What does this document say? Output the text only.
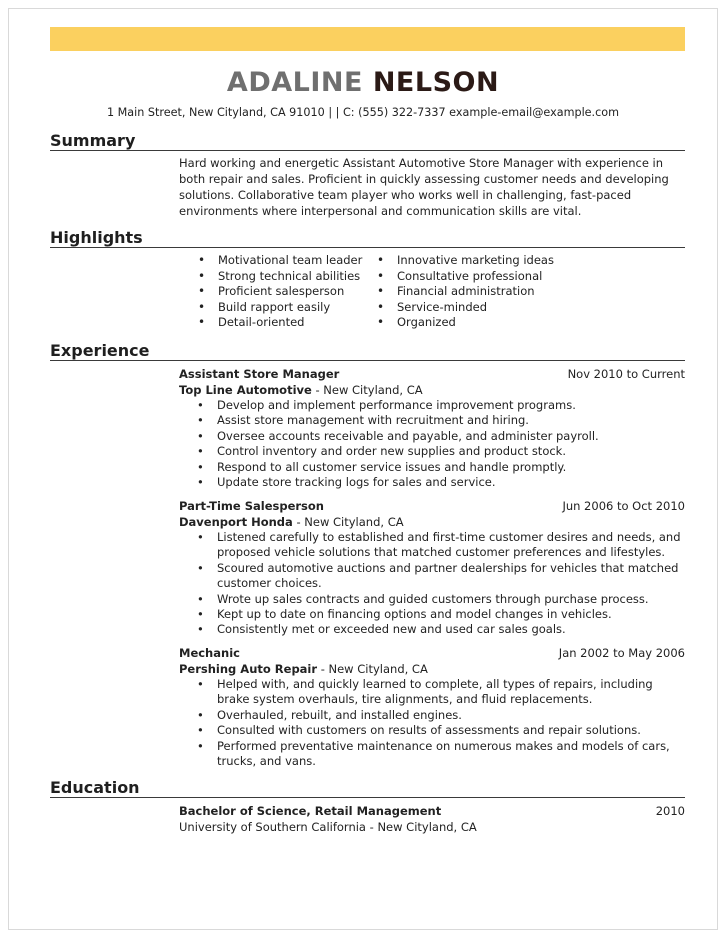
ADALINE NELSON
1 Main Street, New Cityland, CA 91010 | | C: (555) 322-7337 example-email@example.com
Summary
Hard working and energetic Assistant Automotive Store Manager with experience in both repair and sales. Proficient in quickly assessing customer needs and developing solutions. Collaborative team player who works well in challenging, fast-paced environments where interpersonal and communication skills are vital.
Highlights
• Motivational team leader
• Strong technical abilities
• Proficient salesperson
• Build rapport easily
• Detail-oriented
• Innovative marketing ideas
• Consultative professional
• Financial administration
• Service-minded
• Organized
Experience
Assistant Store Manager	Nov 2010 to Current
Top Line Automotive - New Cityland, CA
• Develop and implement performance improvement programs.
• Assist store management with recruitment and hiring.
• Oversee accounts receivable and payable, and administer payroll.
• Control inventory and order new supplies and product stock.
• Respond to all customer service issues and handle promptly.
• Update store tracking logs for sales and service.
Part-Time Salesperson	Jun 2006 to Oct 2010
Davenport Honda - New Cityland, CA
• Listened carefully to established and first-time customer desires and needs, and proposed vehicle solutions that matched customer preferences and lifestyles.
• Scoured automotive auctions and partner dealerships for vehicles that matched customer choices.
• Wrote up sales contracts and guided customers through purchase process.
• Kept up to date on financing options and model changes in vehicles.
• Consistently met or exceeded new and used car sales goals.
Mechanic	Jan 2002 to May 2006
Pershing Auto Repair - New Cityland, CA
• Helped with, and quickly learned to complete, all types of repairs, including brake system overhauls, tire alignments, and fluid replacements.
• Overhauled, rebuilt, and installed engines.
• Consulted with customers on results of assessments and repair solutions.
• Performed preventative maintenance on numerous makes and models of cars, trucks, and vans.
Education
Bachelor of Science, Retail Management	2010
University of Southern California - New Cityland, CA
